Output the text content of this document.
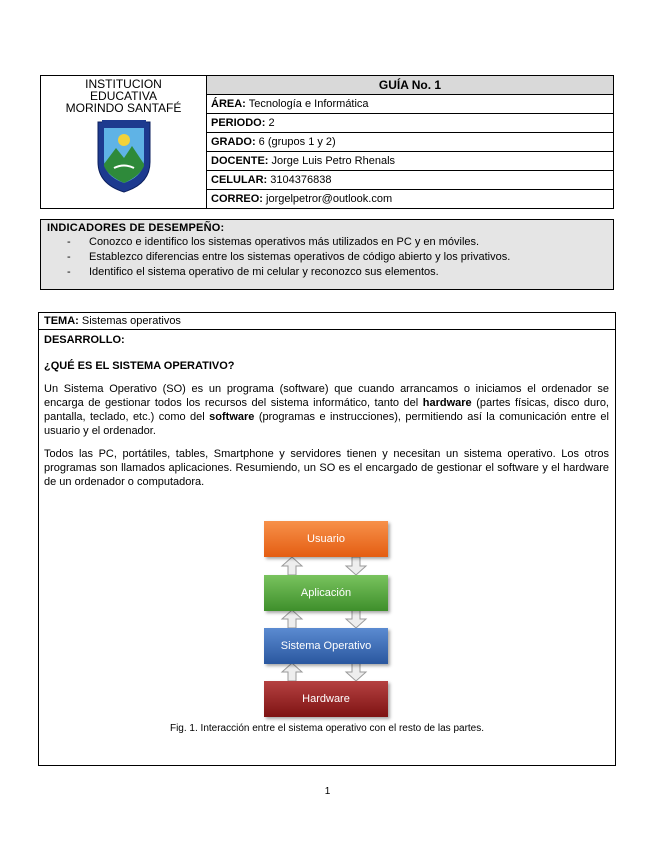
INSTITUCION
EDUCATIVA
MORINDO SANTAFÉ
	GUÍA No. 1
ÁREA: Tecnología e Informática
PERIODO: 2
GRADO: 6 (grupos 1 y 2)
DOCENTE: Jorge Luis Petro Rhenals
CELULAR: 3104376838
CORREO: jorgelpetror@outlook.com
INDICADORES DE DESEMPEÑO:
- Conozco e identifico los sistemas operativos más utilizados en PC y en móviles.
- Establezco diferencias entre los sistemas operativos de código abierto y los privativos.
- Identifico el sistema operativo de mi celular y reconozco sus elementos.
TEMA: Sistemas operativos
DESARROLLO:
¿QUÉ ES EL SISTEMA OPERATIVO?
Un Sistema Operativo (SO) es un programa (software) que cuando arrancamos o iniciamos el ordenador se encarga de gestionar todos los recursos del sistema informático, tanto del hardware (partes físicas, disco duro, pantalla, teclado, etc.) como del software (programas e instrucciones), permitiendo así la comunicación entre el usuario y el ordenador.
Todos las PC, portátiles, tables, Smartphone y servidores tienen y necesitan un sistema operativo. Los otros programas son llamados aplicaciones. Resumiendo, un SO es el encargado de gestionar el software y el hardware de un ordenador o computadora.
Usuario
Aplicación
Sistema Operativo
Hardware
Fig. 1. Interacción entre el sistema operativo con el resto de las partes.
1
